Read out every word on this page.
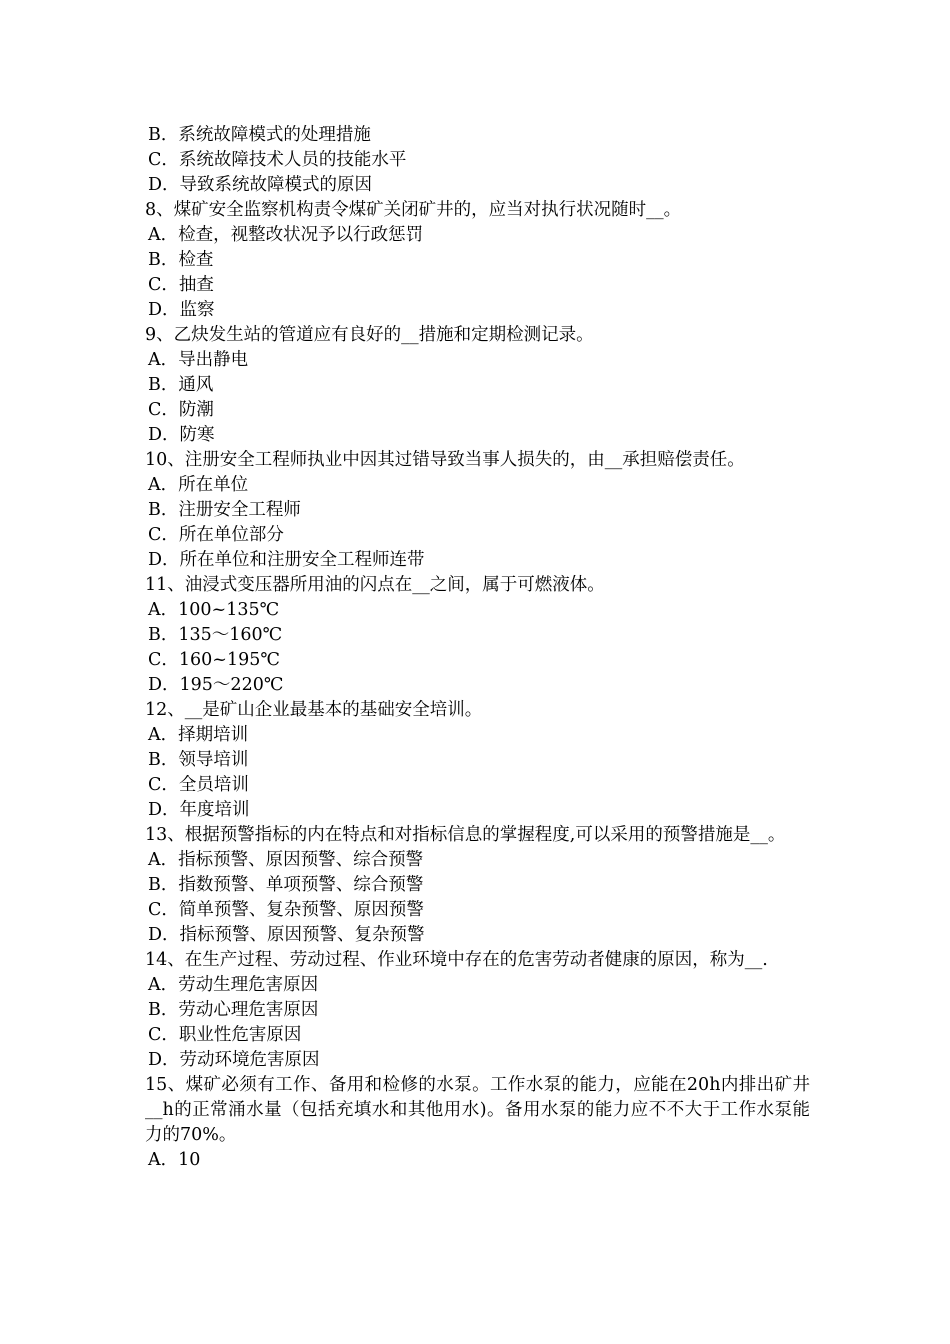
B．系统故障模式的处理措施
C．系统故障技术人员的技能水平
D．导致系统故障模式的原因
8、煤矿安全监察机构责令煤矿关闭矿井的，应当对执行状况随时__。
A．检查，视整改状况予以行政惩罚
B．检查
C．抽查
D．监察
9、乙炔发生站的管道应有良好的__措施和定期检测记录。
A．导出静电
B．通风
C．防潮
D．防寒
10、注册安全工程师执业中因其过错导致当事人损失的，由__承担赔偿责任。
A．所在单位
B．注册安全工程师
C．所在单位部分
D．所在单位和注册安全工程师连带
11、油浸式变压器所用油的闪点在__之间，属于可燃液体。
A．100~135℃
B．135～160℃
C．160~195℃
D．195～220℃
12、__是矿山企业最基本的基础安全培训。
A．择期培训
B．领导培训
C．全员培训
D．年度培训
13、根据预警指标的内在特点和对指标信息的掌握程度,可以采用的预警措施是__。
A．指标预警、原因预警、综合预警
B．指数预警、单项预警、综合预警
C．简单预警、复杂预警、原因预警
D．指标预警、原因预警、复杂预警
14、在生产过程、劳动过程、作业环境中存在的危害劳动者健康的原因，称为__.
A．劳动生理危害原因
B．劳动心理危害原因
C．职业性危害原因
D．劳动环境危害原因
15、煤矿必须有工作、备用和检修的水泵。工作水泵的能力，应能在20h内排出矿井__h的正常涌水量（包括充填水和其他用水)。备用水泵的能力应不不大于工作水泵能力的70%。
A．10
